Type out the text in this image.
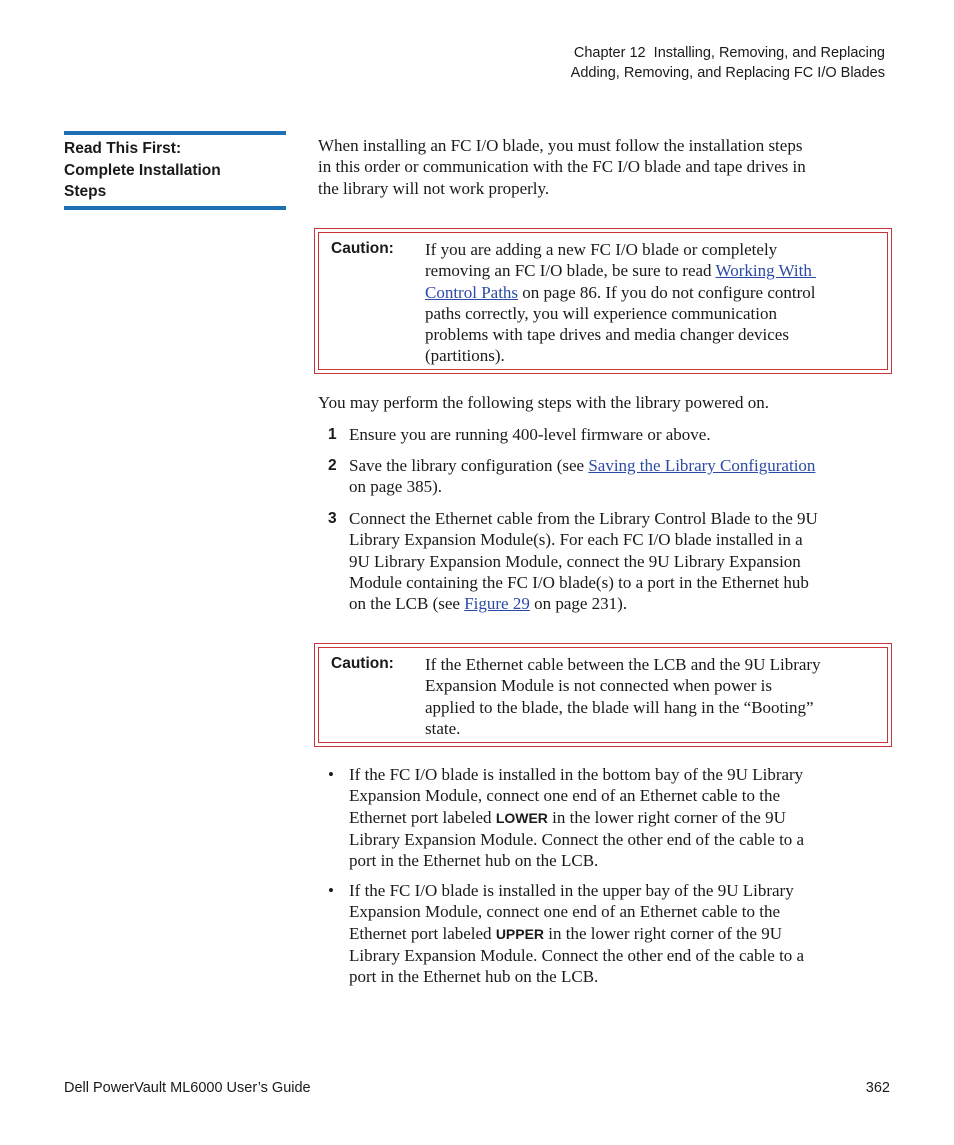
Chapter 12  Installing, Removing, and Replacing
Adding, Removing, and Replacing FC I/O Blades
Read This First:
Complete Installation
Steps
When installing an FC I/O blade, you must follow the installation steps
in this order or communication with the FC I/O blade and tape drives in
the library will not work properly.
Caution: If you are adding a new FC I/O blade or completely
removing an FC I/O blade, be sure to read Working With
Control Paths on page 86. If you do not configure control
paths correctly, you will experience communication
problems with tape drives and media changer devices
(partitions).
You may perform the following steps with the library powered on.
1 Ensure you are running 400-level firmware or above.
2 Save the library configuration (see Saving the Library Configuration
on page 385).
3 Connect the Ethernet cable from the Library Control Blade to the 9U
Library Expansion Module(s). For each FC I/O blade installed in a
9U Library Expansion Module, connect the 9U Library Expansion
Module containing the FC I/O blade(s) to a port in the Ethernet hub
on the LCB (see Figure 29 on page 231).
Caution: If the Ethernet cable between the LCB and the 9U Library
Expansion Module is not connected when power is
applied to the blade, the blade will hang in the “Booting”
state.
• If the FC I/O blade is installed in the bottom bay of the 9U Library
Expansion Module, connect one end of an Ethernet cable to the
Ethernet port labeled LOWER in the lower right corner of the 9U
Library Expansion Module. Connect the other end of the cable to a
port in the Ethernet hub on the LCB.
• If the FC I/O blade is installed in the upper bay of the 9U Library
Expansion Module, connect one end of an Ethernet cable to the
Ethernet port labeled UPPER in the lower right corner of the 9U
Library Expansion Module. Connect the other end of the cable to a
port in the Ethernet hub on the LCB.
Dell PowerVault ML6000 User’s Guide	362
